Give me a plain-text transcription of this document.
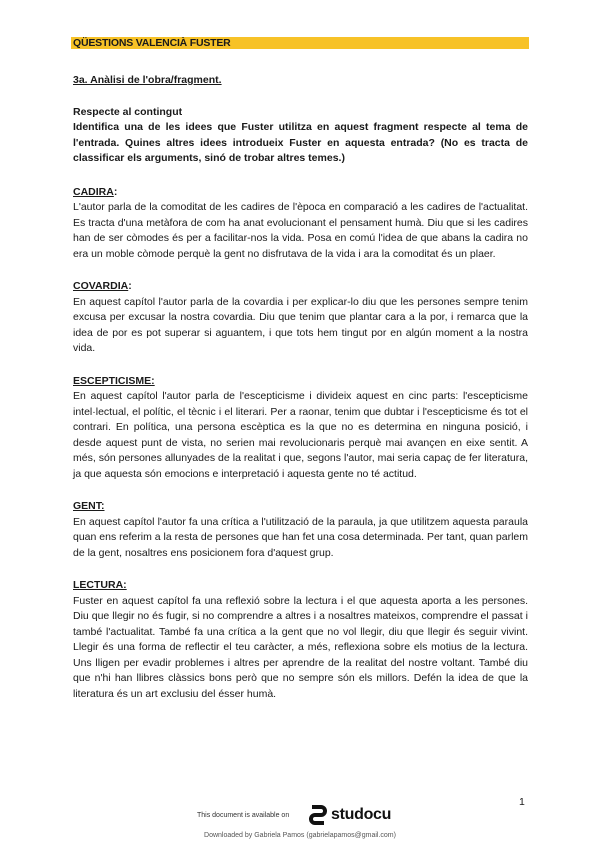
QÜESTIONS VALENCIÀ FUSTER

3a. Anàlisi de l'obra/fragment.

Respecte al contingut

Identifica una de les idees que Fuster utilitza en aquest fragment respecte al tema de l'entrada. Quines altres idees introdueix Fuster en aquesta entrada? (No es tracta de classificar els arguments, sinó de trobar altres temes.)

CADIRA:

L'autor parla de la comoditat de les cadires de l'època en comparació a les cadires de l'actualitat. Es tracta d'una metàfora de com ha anat evolucionant el pensament humà. Diu que si les cadires han de ser còmodes és per a facilitar-nos la vida. Posa en comú l'idea de que abans la cadira no era un moble còmode perquè la gent no disfrutava de la vida i ara la comoditat és un plaer.

COVARDIA:

En aquest capítol l'autor parla de la covardia i per explicar-lo diu que les persones sempre tenim excusa per excusar la nostra covardia. Diu que tenim que plantar cara a la por, i remarca que la idea de por es pot superar si aguantem, i que tots hem tingut por en algún moment a la nostra vida.

ESCEPTICISME:

En aquest capítol l'autor parla de l'escepticisme i divideix aquest en cinc parts: l'escepticisme intel·lectual, el polític, el tècnic i el literari. Per a raonar, tenim que dubtar i l'escepticisme és tot el contrari. En política, una persona escèptica es la que no es determina en ninguna posició, i desde aquest punt de vista, no serien mai revolucionaris perquè mai avançen en eixe sentit. A més, són persones allunyades de la realitat i que, segons l'autor, mai seria capaç de fer literatura, ja que aquesta són emocions e interpretació i aquesta gente no té actitud.

GENT:

En aquest capítol l'autor fa una crítica a l'utilització de la paraula, ja que utilitzem aquesta paraula quan ens referim a la resta de persones que han fet una cosa determinada. Per tant, quan parlem de la gent, nosaltres ens posicionem fora d'aquest grup.

LECTURA:

Fuster en aquest capítol fa una reflexió sobre la lectura i el que aquesta aporta a les persones. Diu que llegir no és fugir, si no comprendre a altres i a nosaltres mateixos, comprendre el passat i també l'actualitat. També fa una crítica a la gent que no vol llegir, diu que llegir és seguir vivint. Llegir és una forma de reflectir el teu caràcter, a més, reflexiona sobre els motius de la lectura. Uns lligen per evadir problemes i altres per aprendre de la realitat del nostre voltant. També diu que n'hi han llibres clàssics bons però que no sempre són els millors. Defén la idea de que la literatura és un art exclusiu del ésser humà.

1
This document is available on	studocu
Downloaded by Gabriela Pamos (gabrielapamos@gmail.com)
